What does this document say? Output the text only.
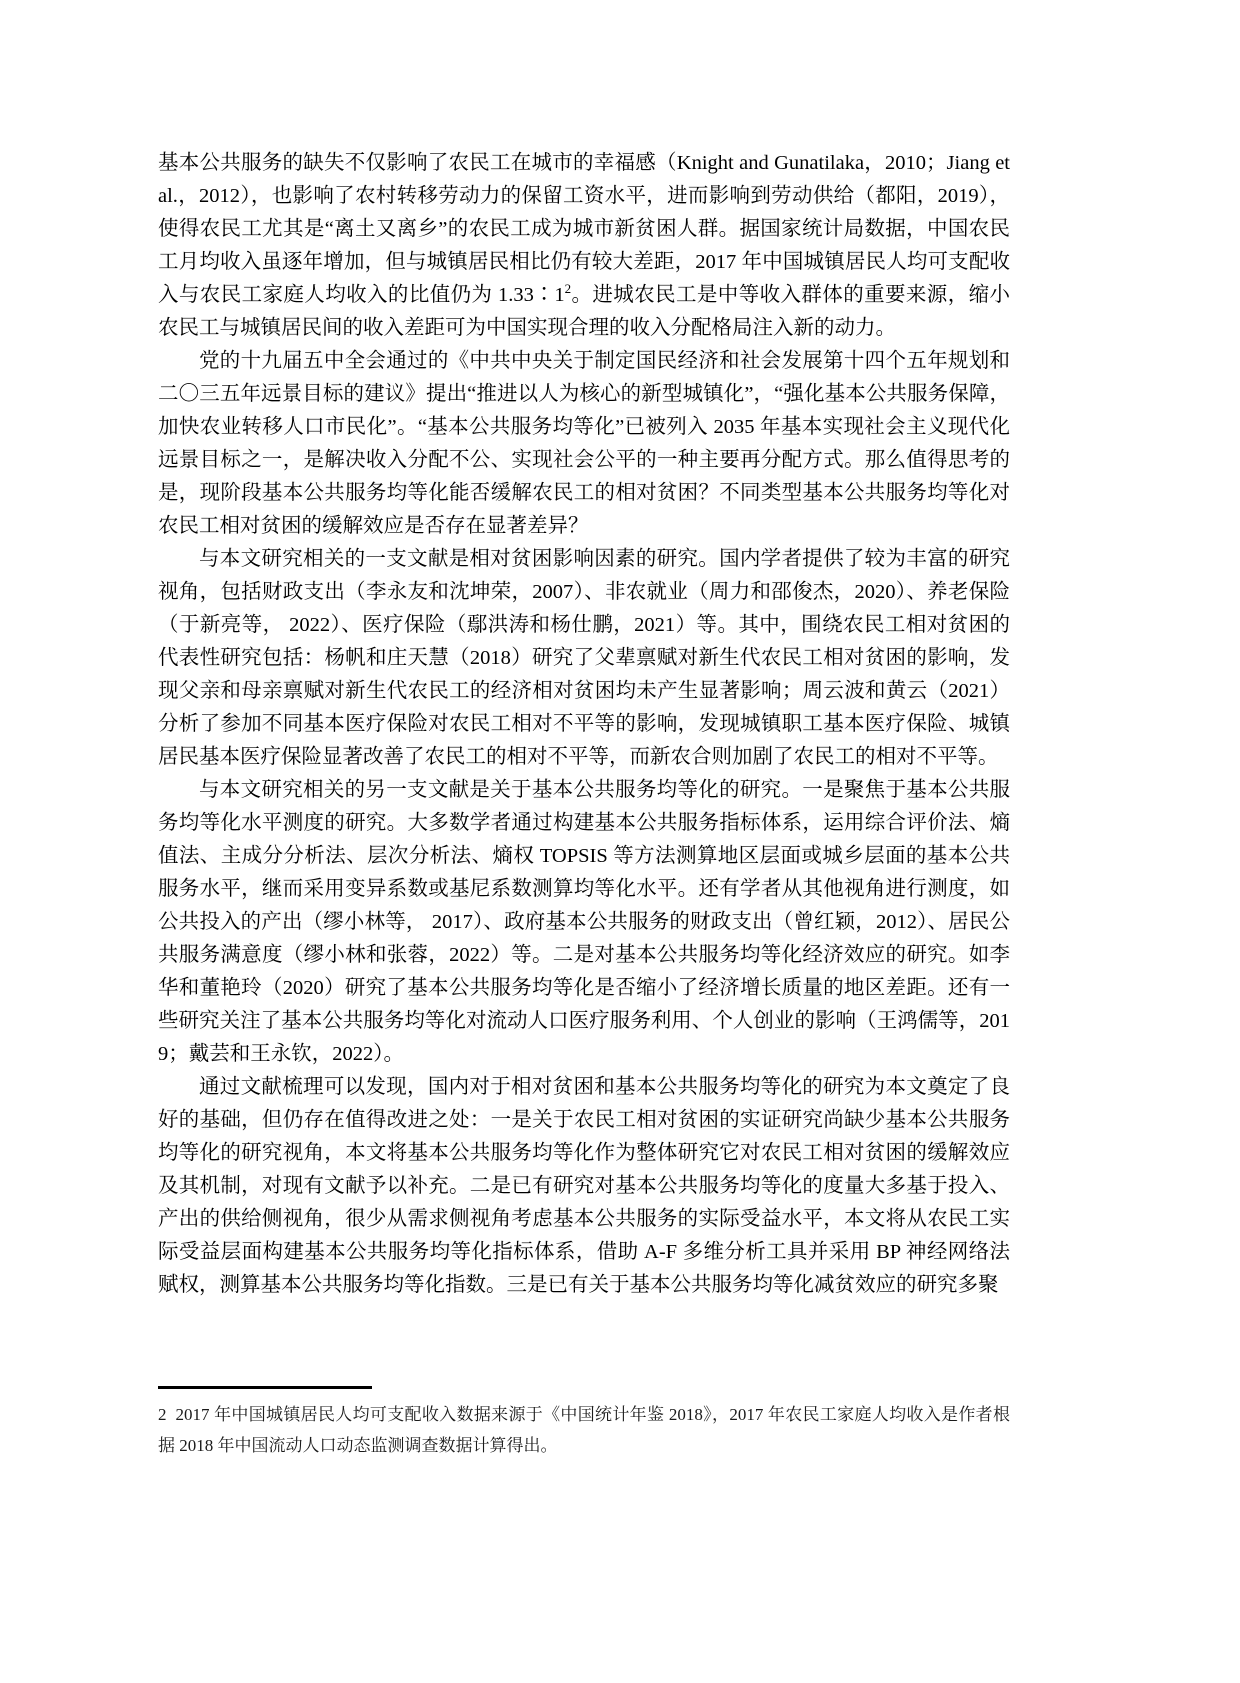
基本公共服务的缺失不仅影响了农民工在城市的幸福感（Knight and Gunatilaka，2010；Jiang et al.，2012），也影响了农村转移劳动力的保留工资水平，进而影响到劳动供给（都阳，2019），使得农民工尤其是“离土又离乡”的农民工成为城市新贫困人群。据国家统计局数据，中国农民工月均收入虽逐年增加，但与城镇居民相比仍有较大差距，2017 年中国城镇居民人均可支配收入与农民工家庭人均收入的比值仍为 1.33∶1$^2$。进城农民工是中等收入群体的重要来源，缩小农民工与城镇居民间的收入差距可为中国实现合理的收入分配格局注入新的动力。

党的十九届五中全会通过的《中共中央关于制定国民经济和社会发展第十四个五年规划和二〇三五年远景目标的建议》提出“推进以人为核心的新型城镇化”，“强化基本公共服务保障，加快农业转移人口市民化”。“基本公共服务均等化”已被列入 2035 年基本实现社会主义现代化远景目标之一，是解决收入分配不公、实现社会公平的一种主要再分配方式。那么值得思考的是，现阶段基本公共服务均等化能否缓解农民工的相对贫困？不同类型基本公共服务均等化对农民工相对贫困的缓解效应是否存在显著差异？

与本文研究相关的一支文献是相对贫困影响因素的研究。国内学者提供了较为丰富的研究视角，包括财政支出（李永友和沈坤荣，2007）、非农就业（周力和邵俊杰，2020）、养老保险（于新亮等， 2022）、医疗保险（鄢洪涛和杨仕鹏，2021）等。其中，围绕农民工相对贫困的代表性研究包括：杨帆和庄天慧（2018）研究了父辈禀赋对新生代农民工相对贫困的影响，发现父亲和母亲禀赋对新生代农民工的经济相对贫困均未产生显著影响；周云波和黄云（2021）分析了参加不同基本医疗保险对农民工相对不平等的影响，发现城镇职工基本医疗保险、城镇居民基本医疗保险显著改善了农民工的相对不平等，而新农合则加剧了农民工的相对不平等。

与本文研究相关的另一支文献是关于基本公共服务均等化的研究。一是聚焦于基本公共服务均等化水平测度的研究。大多数学者通过构建基本公共服务指标体系，运用综合评价法、熵值法、主成分分析法、层次分析法、熵权 TOPSIS 等方法测算地区层面或城乡层面的基本公共服务水平，继而采用变异系数或基尼系数测算均等化水平。还有学者从其他视角进行测度，如公共投入的产出（缪小林等， 2017）、政府基本公共服务的财政支出（曾红颖，2012）、居民公共服务满意度（缪小林和张蓉，2022）等。二是对基本公共服务均等化经济效应的研究。如李华和董艳玲（2020）研究了基本公共服务均等化是否缩小了经济增长质量的地区差距。还有一些研究关注了基本公共服务均等化对流动人口医疗服务利用、个人创业的影响（王鸿儒等，2019；戴芸和王永钦，2022）。

通过文献梳理可以发现，国内对于相对贫困和基本公共服务均等化的研究为本文奠定了良好的基础，但仍存在值得改进之处：一是关于农民工相对贫困的实证研究尚缺少基本公共服务均等化的研究视角，本文将基本公共服务均等化作为整体研究它对农民工相对贫困的缓解效应及其机制，对现有文献予以补充。二是已有研究对基本公共服务均等化的度量大多基于投入、产出的供给侧视角，很少从需求侧视角考虑基本公共服务的实际受益水平，本文将从农民工实际受益层面构建基本公共服务均等化指标体系，借助 A-F 多维分析工具并采用 BP 神经网络法赋权，测算基本公共服务均等化指数。三是已有关于基本公共服务均等化减贫效应的研究多聚

2 2017 年中国城镇居民人均可支配收入数据来源于《中国统计年鉴 2018》，2017 年农民工家庭人均收入是作者根据 2018 年中国流动人口动态监测调查数据计算得出。
